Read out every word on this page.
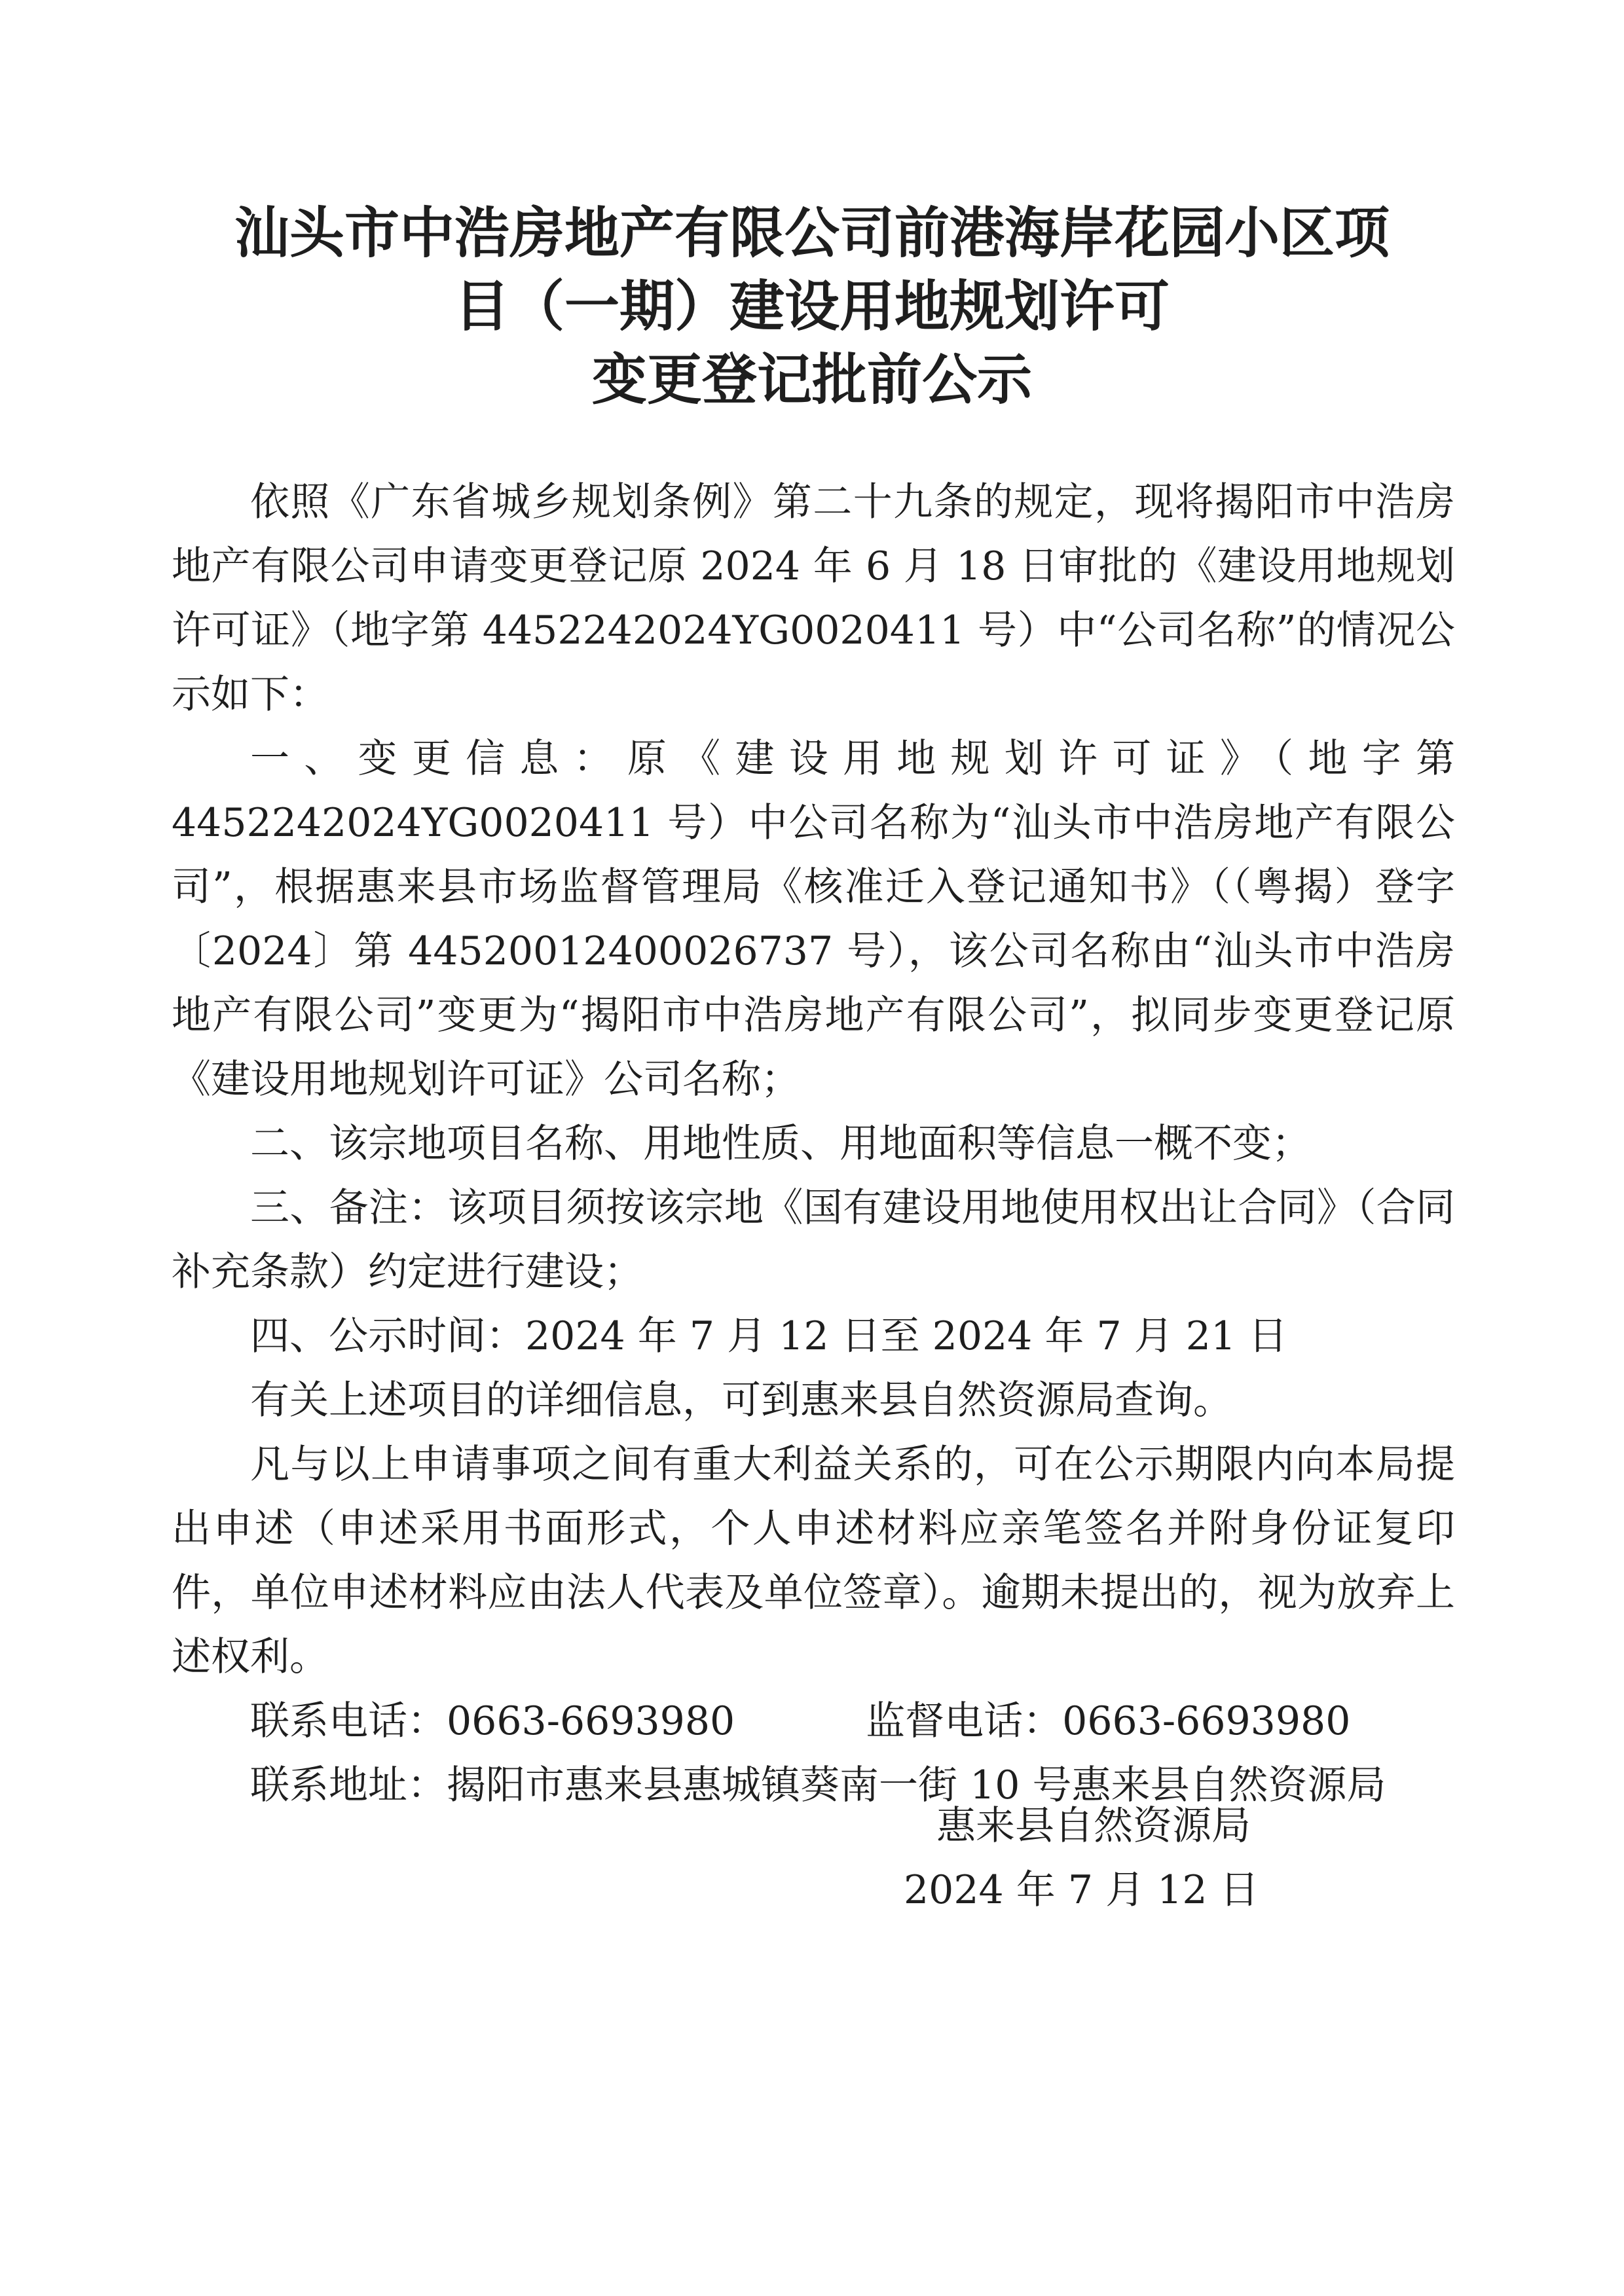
汕头市中浩房地产有限公司前港海岸花园小区项
目（一期）建设用地规划许可
变更登记批前公示

依照《广东省城乡规划条例》第二十九条的规定，现将揭阳市中浩房地产有限公司申请变更登记原 2024 年 6 月 18 日审批的《建设用地规划许可证》（地字第 4452242024YG0020411 号）中“公司名称”的情况公示如下：

一、变更信息：原《建设用地规划许可证》（地字第 4452242024YG0020411 号）中公司名称为“汕头市中浩房地产有限公司”，根据惠来县市场监督管理局《核准迁入登记通知书》（（粤揭）登字〔2024〕第 44520012400026737 号），该公司名称由“汕头市中浩房地产有限公司”变更为“揭阳市中浩房地产有限公司”，拟同步变更登记原《建设用地规划许可证》公司名称；

二、该宗地项目名称、用地性质、用地面积等信息一概不变；

三、备注：该项目须按该宗地《国有建设用地使用权出让合同》（合同补充条款）约定进行建设；

四、公示时间：2024 年 7 月 12 日至 2024 年 7 月 21 日

有关上述项目的详细信息，可到惠来县自然资源局查询。

凡与以上申请事项之间有重大利益关系的，可在公示期限内向本局提出申述（申述采用书面形式，个人申述材料应亲笔签名并附身份证复印件，单位申述材料应由法人代表及单位签章）。逾期未提出的，视为放弃上述权利。

联系电话：0663-6693980	监督电话：0663-6693980

联系地址：揭阳市惠来县惠城镇葵南一街 10 号惠来县自然资源局

惠来县自然资源局
2024 年 7 月 12 日
